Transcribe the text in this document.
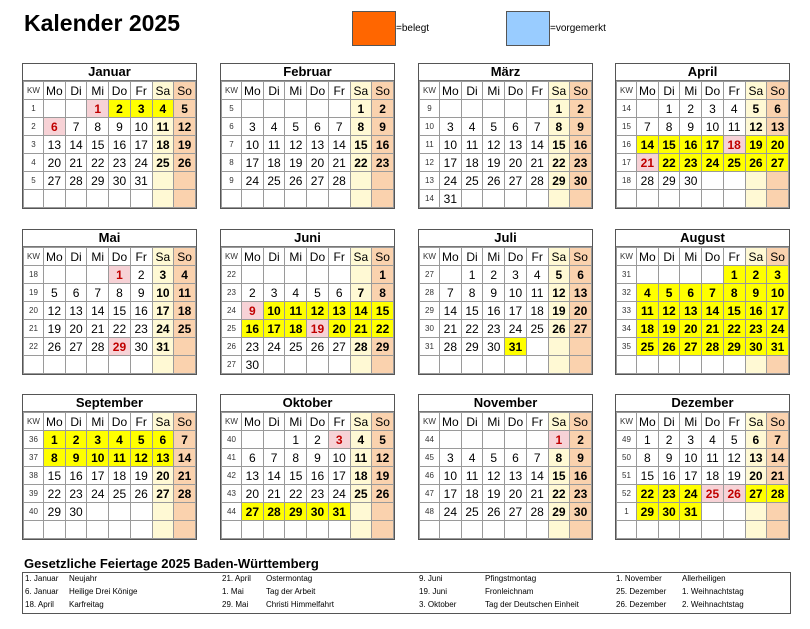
Kalender 2025	=belegt	=vorgemerkt
Januar
KW	Mo	Di	Mi	Do	Fr	Sa	So
1			1	2	3	4	5
2	6	7	8	9	10	11	12
3	13	14	15	16	17	18	19
4	20	21	22	23	24	25	26
5	27	28	29	30	31		

Februar
KW	Mo	Di	Mi	Do	Fr	Sa	So
5						1	2
6	3	4	5	6	7	8	9
7	10	11	12	13	14	15	16
8	17	18	19	20	21	22	23
9	24	25	26	27	28		

März
KW	Mo	Di	Mi	Do	Fr	Sa	So
9						1	2
10	3	4	5	6	7	8	9
11	10	11	12	13	14	15	16
12	17	18	19	20	21	22	23
13	24	25	26	27	28	29	30
14	31						
April
KW	Mo	Di	Mi	Do	Fr	Sa	So
14		1	2	3	4	5	6
15	7	8	9	10	11	12	13
16	14	15	16	17	18	19	20
17	21	22	23	24	25	26	27
18	28	29	30				

Mai
KW	Mo	Di	Mi	Do	Fr	Sa	So
18				1	2	3	4
19	5	6	7	8	9	10	11
20	12	13	14	15	16	17	18
21	19	20	21	22	23	24	25
22	26	27	28	29	30	31	

Juni
KW	Mo	Di	Mi	Do	Fr	Sa	So
22							1
23	2	3	4	5	6	7	8
24	9	10	11	12	13	14	15
25	16	17	18	19	20	21	22
26	23	24	25	26	27	28	29
27	30						
Juli
KW	Mo	Di	Mi	Do	Fr	Sa	So
27		1	2	3	4	5	6
28	7	8	9	10	11	12	13
29	14	15	16	17	18	19	20
30	21	22	23	24	25	26	27
31	28	29	30	31			

August
KW	Mo	Di	Mi	Do	Fr	Sa	So
31					1	2	3
32	4	5	6	7	8	9	10
33	11	12	13	14	15	16	17
34	18	19	20	21	22	23	24
35	25	26	27	28	29	30	31

September
KW	Mo	Di	Mi	Do	Fr	Sa	So
36	1	2	3	4	5	6	7
37	8	9	10	11	12	13	14
38	15	16	17	18	19	20	21
39	22	23	24	25	26	27	28
40	29	30					

Oktober
KW	Mo	Di	Mi	Do	Fr	Sa	So
40			1	2	3	4	5
41	6	7	8	9	10	11	12
42	13	14	15	16	17	18	19
43	20	21	22	23	24	25	26
44	27	28	29	30	31		

November
KW	Mo	Di	Mi	Do	Fr	Sa	So
44						1	2
45	3	4	5	6	7	8	9
46	10	11	12	13	14	15	16
47	17	18	19	20	21	22	23
48	24	25	26	27	28	29	30

Dezember
KW	Mo	Di	Mi	Do	Fr	Sa	So
49	1	2	3	4	5	6	7
50	8	9	10	11	12	13	14
51	15	16	17	18	19	20	21
52	22	23	24	25	26	27	28
1	29	30	31				

Gesetzliche Feiertage 2025 Baden-Württemberg
1. Januar Neujahr
6. Januar Heilige Drei Könige
18. April Karfreitag
21. April Ostermontag
1. Mai	Tag der Arbeit
29. Mai Christi Himmelfahrt
9. Juni	Pfingstmontag
19. Juni	Fronleichnam
3. Oktober	Tag der Deutschen Einheit
1. November	Allerheiligen
25. Dezember 1. Weihnachtstag
26. Dezember 2. Weihnachtstag
